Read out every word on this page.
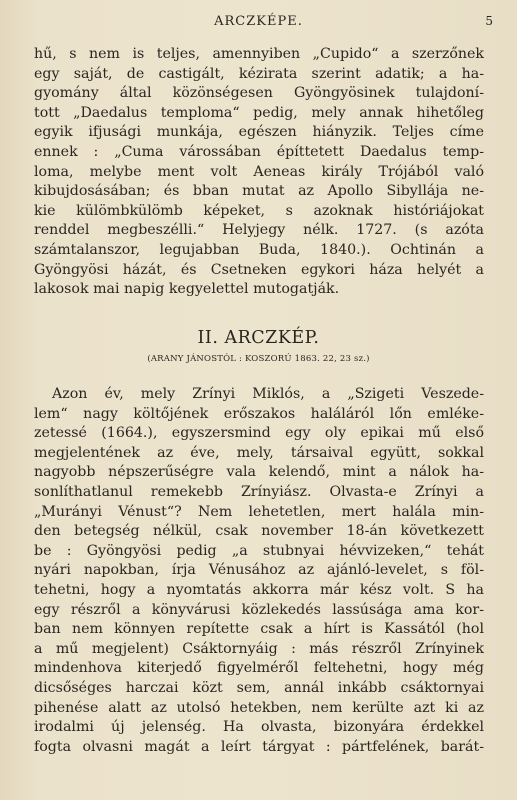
ARCZKÉPE.	5
hű, s nem is teljes, amennyiben „Cupido“ a szerzőnek
egy saját, de castigált, kézirata szerint adatik; a ha-
gyomány által közönségesen Gyöngyösinek tulajdoní-
tott „Daedalus temploma“ pedig, mely annak hihetőleg
egyik ifjusági munkája, egészen hiányzik. Teljes címe
ennek : „Cuma várossában építtetett Daedalus temp-
loma, melybe ment volt Aeneas király Trójából való
kibujdosásában; és bban mutat az Apollo Sibyllája ne-
kie külömbkülömb képeket, s azoknak históriájokat
renddel megbeszélli.“ Helyjegy nélk. 1727. (s azóta
számtalanszor, legujabban Buda, 1840.). Ochtinán a
Gyöngyösi házát, és Csetneken egykori háza helyét a
lakosok mai napig kegyelettel mutogatják.
II. ARCZKÉP.
(ARANY JÁNOSTÓL : KOSZORÚ 1863. 22, 23 sz.)
Azon év, mely Zrínyi Miklós, a „Szigeti Veszede-
lem“ nagy költőjének erőszakos haláláról lőn emléke-
zetessé (1664.), egyszersmind egy oly epikai mű első
megjelentének az éve, mely, társaival együtt, sokkal
nagyobb népszerűségre vala kelendő, mint a nálok ha-
sonlíthatlanul remekebb Zrínyiász. Olvasta-e Zrínyi a
„Murányi Vénust“? Nem lehetetlen, mert halála min-
den betegség nélkül, csak november 18-án következett
be : Gyöngyösi pedig „a stubnyai hévvizeken,“ tehát
nyári napokban, írja Vénusához az ajánló-levelet, s föl-
tehetni, hogy a nyomtatás akkorra már kész volt. S ha
egy részről a könyvárusi közlekedés lassúsága ama kor-
ban nem könnyen repítette csak a hírt is Kassától (hol
a mű megjelent) Csáktornyáig : más részről Zrínyinek
mindenhova kiterjedő figyelméről feltehetni, hogy még
dicsőséges harczai közt sem, annál inkább csáktornyai
pihenése alatt az utolsó hetekben, nem kerülte azt ki az
irodalmi új jelenség. Ha olvasta, bizonyára érdekkel
fogta olvasni magát a leírt tárgyat : pártfelének, barát-
